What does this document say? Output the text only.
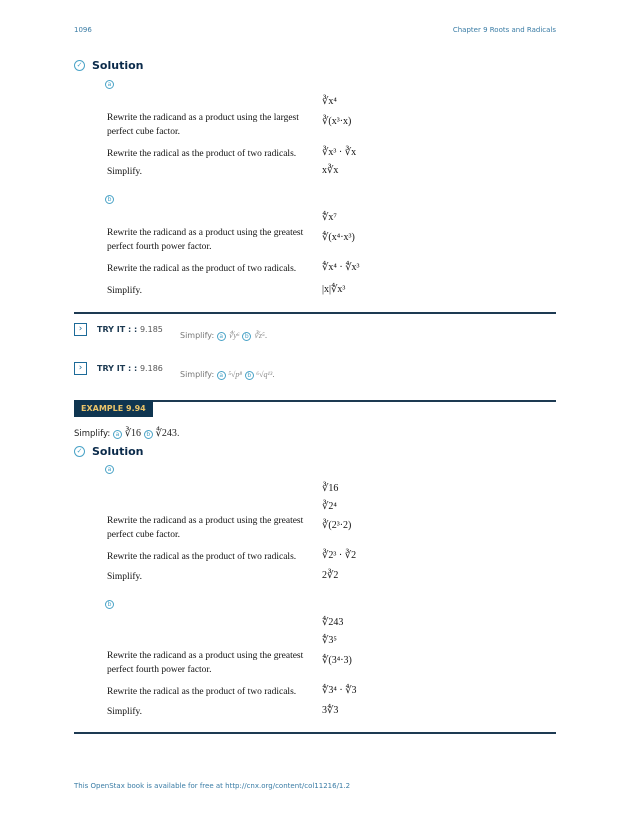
1096	Chapter 9 Roots and Radicals
✓ Solution
a
∛x⁴
Rewrite the radicand as a product using the largest perfect cube factor.
∛(x³·x)
Rewrite the radical as the product of two radicals.	∛x³ · ∛x
Simplify.	x∛x
b
∜x⁷
Rewrite the radicand as a product using the greatest perfect fourth power factor.
∜(x⁴·x³)
Rewrite the radical as the product of two radicals.	∜x⁴ · ∜x³
Simplify.	|x|∜x³
›	TRY IT : : 9.185
Simplify: a ∜y⁶ b ∛z⁵.
›	TRY IT : : 9.186
Simplify: a ⁵√p⁸ b ⁶√q¹³.
EXAMPLE 9.94
Simplify: a ∛16 b ∜243.
✓ Solution
a
∛16
∛2⁴
Rewrite the radicand as a product using the greatest perfect cube factor.
∛(2³·2)
Rewrite the radical as the product of two radicals.	∛2³ · ∛2
Simplify.	2∛2
b
∜243
∜3⁵
Rewrite the radicand as a product using the greatest perfect fourth power factor.
∜(3⁴·3)
Rewrite the radical as the product of two radicals.	∜3⁴ · ∜3
Simplify.	3∜3
This OpenStax book is available for free at http://cnx.org/content/col11216/1.2
